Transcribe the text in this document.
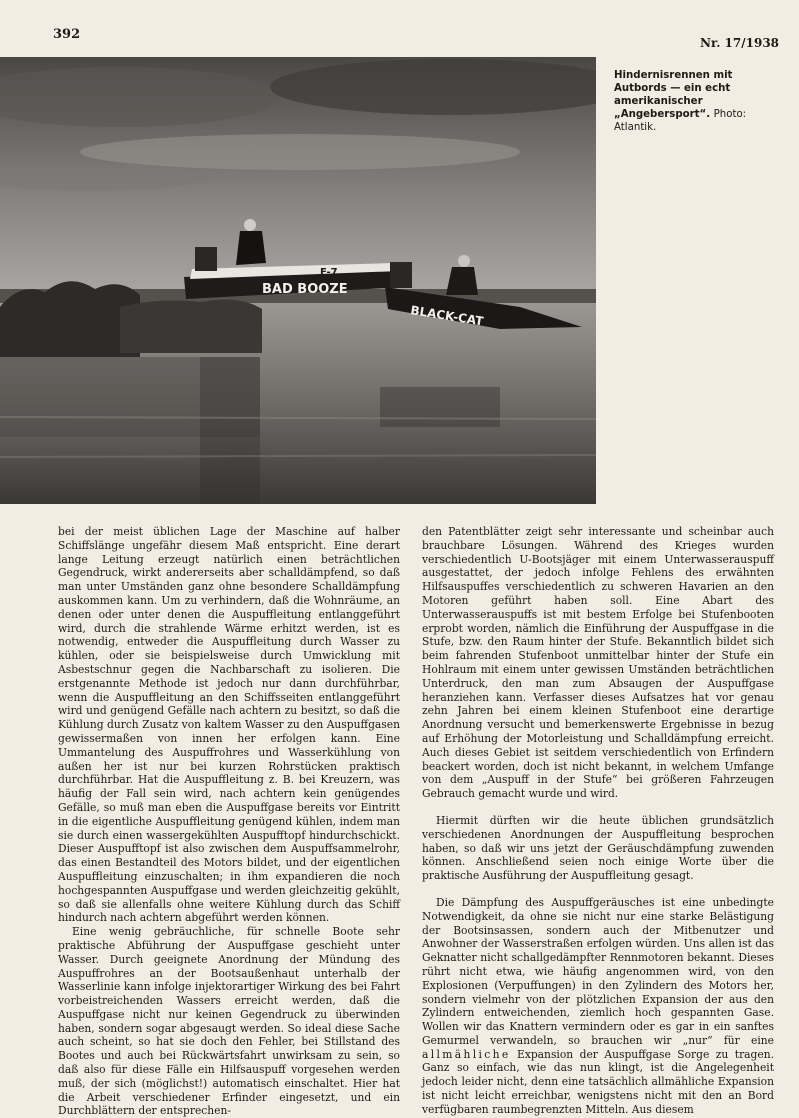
392
Nr. 17/1938
BAD BOOZE
F-7
BLACK-CAT
Hindernisrennen mit Autbords — ein echt amerikanischer „Angebersport“. Photo: Atlantik.

bei der meist üblichen Lage der Maschine auf halber Schiffslänge ungefähr diesem Maß entspricht. Eine derart lange Leitung erzeugt natürlich einen beträchtlichen Gegendruck, wirkt andererseits aber schalldämpfend, so daß man unter Umständen ganz ohne besondere Schalldämpfung auskommen kann. Um zu verhindern, daß die Wohnräume, an denen oder unter denen die Auspuffleitung entlanggeführt wird, durch die strahlende Wärme erhitzt werden, ist es notwendig, entweder die Auspuffleitung durch Wasser zu kühlen, oder sie beispielsweise durch Umwicklung mit Asbestschnur gegen die Nachbarschaft zu isolieren. Die erstgenannte Methode ist jedoch nur dann durchführbar, wenn die Auspuffleitung an den Schiffsseiten entlanggeführt wird und genügend Gefälle nach achtern zu besitzt, so daß die Kühlung durch Zusatz von kaltem Wasser zu den Auspuffgasen gewissermaßen von innen her erfolgen kann. Eine Ummantelung des Auspuffrohres und Wasserkühlung von außen her ist nur bei kurzen Rohrstücken praktisch durchführbar. Hat die Auspuffleitung z. B. bei Kreuzern, was häufig der Fall sein wird, nach achtern kein genügendes Gefälle, so muß man eben die Auspuffgase bereits vor Eintritt in die eigentliche Auspuffleitung genügend kühlen, indem man sie durch einen wassergekühlten Auspufftopf hindurchschickt. Dieser Auspufftopf ist also zwischen dem Auspuffsammelrohr, das einen Bestandteil des Motors bildet, und der eigentlichen Auspuffleitung einzuschalten; in ihm expandieren die noch hochgespannten Auspuffgase und werden gleichzeitig gekühlt, so daß sie allenfalls ohne weitere Kühlung durch das Schiff hindurch nach achtern abgeführt werden können.

Eine wenig gebräuchliche, für schnelle Boote sehr praktische Abführung der Auspuffgase geschieht unter Wasser. Durch geeignete Anordnung der Mündung des Auspuffrohres an der Bootsaußenhaut unterhalb der Wasserlinie kann infolge injektorartiger Wirkung des bei Fahrt vorbeistreichenden Wassers erreicht werden, daß die Auspuffgase nicht nur keinen Gegendruck zu überwinden haben, sondern sogar abgesaugt werden. So ideal diese Sache auch scheint, so hat sie doch den Fehler, bei Stillstand des Bootes und auch bei Rückwärtsfahrt unwirksam zu sein, so daß also für diese Fälle ein Hilfsauspuff vorgesehen werden muß, der sich (möglichst!) automatisch einschaltet. Hier hat die Arbeit verschiedener Erfinder eingesetzt, und ein Durchblättern der entsprechen-

den Patentblätter zeigt sehr interessante und scheinbar auch brauchbare Lösungen. Während des Krieges wurden verschiedentlich U-Bootsjäger mit einem Unterwasserauspuff ausgestattet, der jedoch infolge Fehlens des erwähnten Hilfsauspuffes verschiedentlich zu schweren Havarien an den Motoren geführt haben soll. Eine Abart des Unterwasserauspuffs ist mit bestem Erfolge bei Stufenbooten erprobt worden, nämlich die Einführung der Auspuffgase in die Stufe, bzw. den Raum hinter der Stufe. Bekanntlich bildet sich beim fahrenden Stufenboot unmittelbar hinter der Stufe ein Hohlraum mit einem unter gewissen Umständen beträchtlichen Unterdruck, den man zum Absaugen der Auspuffgase heranziehen kann. Verfasser dieses Aufsatzes hat vor genau zehn Jahren bei einem kleinen Stufenboot eine derartige Anordnung versucht und bemerkenswerte Ergebnisse in bezug auf Erhöhung der Motorleistung und Schalldämpfung erreicht. Auch dieses Gebiet ist seitdem verschiedentlich von Erfindern beackert worden, doch ist nicht bekannt, in welchem Umfange von dem „Auspuff in der Stufe“ bei größeren Fahrzeugen Gebrauch gemacht wurde und wird.

Hiermit dürften wir die heute üblichen grundsätzlich verschiedenen Anordnungen der Auspuffleitung besprochen haben, so daß wir uns jetzt der Geräuschdämpfung zuwenden können. Anschließend seien noch einige Worte über die praktische Ausführung der Auspuffleitung gesagt.

Die Dämpfung des Auspuffgeräusches ist eine unbedingte Notwendigkeit, da ohne sie nicht nur eine starke Belästigung der Bootsinsassen, sondern auch der Mitbenutzer und Anwohner der Wasserstraßen erfolgen würden. Uns allen ist das Geknatter nicht schallgedämpfter Rennmotoren bekannt. Dieses rührt nicht etwa, wie häufig angenommen wird, von den Explosionen (Verpuffungen) in den Zylindern des Motors her, sondern vielmehr von der plötzlichen Expansion der aus den Zylindern entweichenden, ziemlich hoch gespannten Gase. Wollen wir das Knattern vermindern oder es gar in ein sanftes Gemurmel verwandeln, so brauchen wir „nur“ für eine allmähliche Expansion der Auspuffgase Sorge zu tragen. Ganz so einfach, wie das nun klingt, ist die Angelegenheit jedoch leider nicht, denn eine tatsächlich allmähliche Expansion ist nicht leicht erreichbar, wenigstens nicht mit den an Bord verfügbaren raumbegrenzten Mitteln. Aus diesem
